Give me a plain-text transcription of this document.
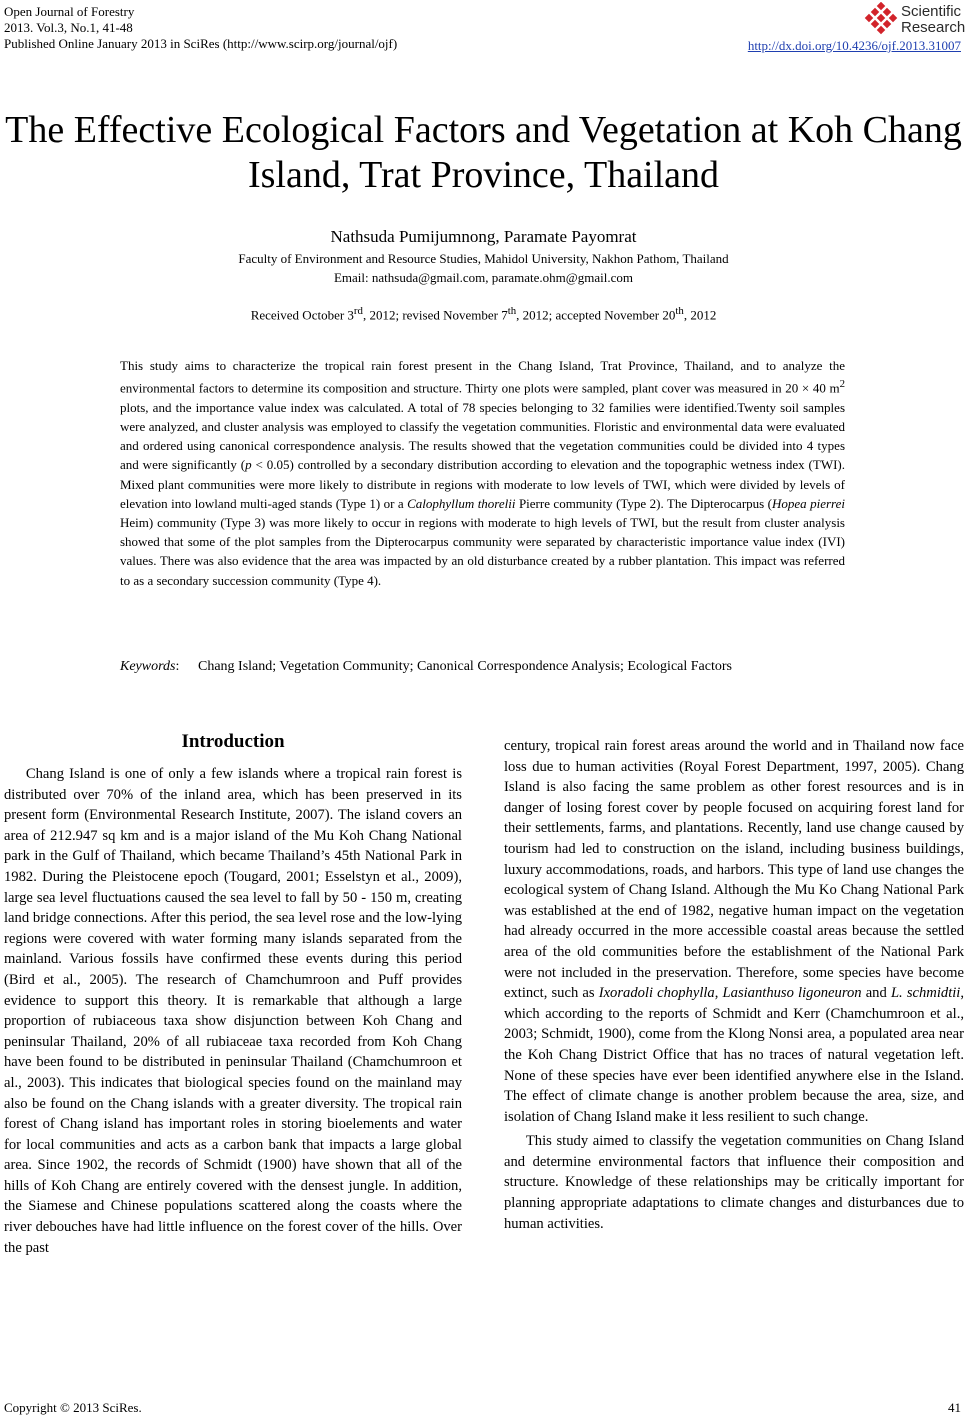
Open Journal of Forestry
2013. Vol.3, No.1, 41-48
Published Online January 2013 in SciRes (http://www.scirp.org/journal/ojf)
Scientific
Research
http://dx.doi.org/10.4236/ojf.2013.31007
The Effective Ecological Factors and Vegetation at Koh Chang Island, Trat Province, Thailand
Nathsuda Pumijumnong, Paramate Payomrat
Faculty of Environment and Resource Studies, Mahidol University, Nakhon Pathom, Thailand
Email: nathsuda@gmail.com, paramate.ohm@gmail.com
Received October 3rd, 2012; revised November 7th, 2012; accepted November 20th, 2012
This study aims to characterize the tropical rain forest present in the Chang Island, Trat Province, Thailand, and to analyze the environmental factors to determine its composition and structure. Thirty one plots were sampled, plant cover was measured in 20 × 40 $m^2$ plots, and the importance value index was calculated. A total of 78 species belonging to 32 families were identified.Twenty soil samples were analyzed, and cluster analysis was employed to classify the vegetation communities. Floristic and environmental data were evaluated and ordered using canonical correspondence analysis. The results showed that the vegetation communities could be divided into 4 types and were significantly (p < 0.05) controlled by a secondary distribution according to elevation and the topographic wetness index (TWI). Mixed plant communities were more likely to distribute in regions with moderate to low levels of TWI, which were divided by levels of elevation into lowland multi-aged stands (Type 1) or a Calophyllum thorelii Pierre community (Type 2). The Dipterocarpus (Hopea pierrei Heim) community (Type 3) was more likely to occur in regions with moderate to high levels of TWI, but the result from cluster analysis showed that some of the plot samples from the Dipterocarpus community were separated by characteristic importance value index (IVI) values. There was also evidence that the area was impacted by an old disturbance created by a rubber plantation. This impact was referred to as a secondary succession community (Type 4).
Keywords: Chang Island; Vegetation Community; Canonical Correspondence Analysis; Ecological Factors
Introduction

Chang Island is one of only a few islands where a tropical rain forest is distributed over 70% of the inland area, which has been preserved in its present form (Environmental Research Institute, 2007). The island covers an area of 212.947 sq km and is a major island of the Mu Koh Chang National park in the Gulf of Thailand, which became Thailand’s 45th National Park in 1982. During the Pleistocene epoch (Tougard, 2001; Esselstyn et al., 2009), large sea level fluctuations caused the sea level to fall by 50 - 150 m, creating land bridge connections. After this period, the sea level rose and the low-lying regions were covered with water forming many islands separated from the mainland. Various fossils have confirmed these events during this period (Bird et al., 2005). The research of Chamchumroon and Puff provides evidence to support this theory. It is remarkable that although a large proportion of rubiaceous taxa show disjunction between Koh Chang and peninsular Thailand, 20% of all rubiaceae taxa recorded from Koh Chang have been found to be distributed in peninsular Thailand (Chamchumroon et al., 2003). This indicates that biological species found on the mainland may also be found on the Chang islands with a greater diversity. The tropical rain forest of Chang island has important roles in storing bioelements and water for local communities and acts as a carbon bank that impacts a large global area. Since 1902, the records of Schmidt (1900) have shown that all of the hills of Koh Chang are entirely covered with the densest jungle. In addition, the Siamese and Chinese populations scattered along the coasts where the river debouches have had little influence on the forest cover of the hills. Over the past

century, tropical rain forest areas around the world and in Thailand now face loss due to human activities (Royal Forest Department, 1997, 2005). Chang Island is also facing the same problem as other forest resources and is in danger of losing forest cover by people focused on acquiring forest land for their settlements, farms, and plantations. Recently, land use change caused by tourism had led to construction on the island, including business buildings, luxury accommodations, roads, and harbors. This type of land use changes the ecological system of Chang Island. Although the Mu Ko Chang National Park was established at the end of 1982, negative human impact on the vegetation had already occurred in the more accessible coastal areas because the settled area of the old communities before the establishment of the National Park were not included in the preservation. Therefore, some species have become extinct, such as Ixoradoli chophylla, Lasianthuso ligoneuron and L. schmidtii, which according to the reports of Schmidt and Kerr (Chamchumroon et al., 2003; Schmidt, 1900), come from the Klong Nonsi area, a populated area near the Koh Chang District Office that has no traces of natural vegetation left. None of these species have ever been identified anywhere else in the Island. The effect of climate change is another problem because the area, size, and isolation of Chang Island make it less resilient to such change.

This study aimed to classify the vegetation communities on Chang Island and determine environmental factors that influence their composition and structure. Knowledge of these relationships may be critically important for planning appropriate adaptations to climate changes and disturbances due to human activities.

Copyright © 2013 SciRes.	41
